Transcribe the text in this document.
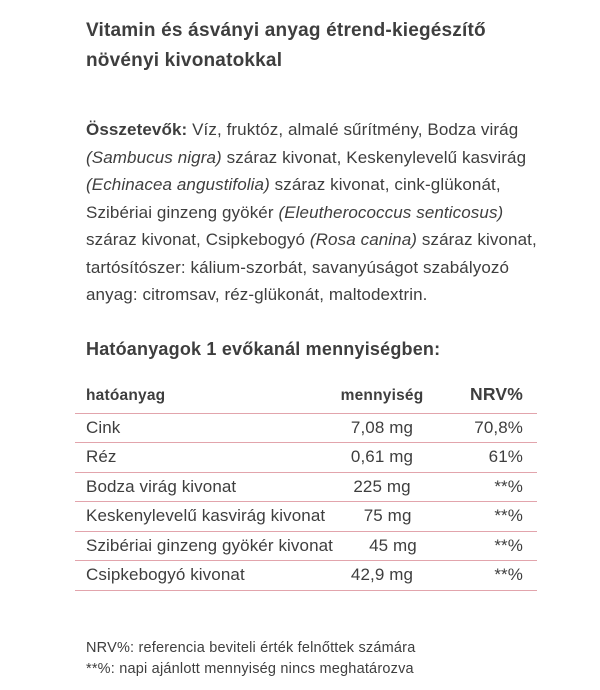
Vitamin és ásványi anyag étrend-kiegészítő növényi kivonatokkal

Összetevők: Víz, fruktóz, almalé sűrítmény, Bodza virág
(Sambucus nigra) száraz kivonat, Keskenylevelű kasvirág
(Echinacea angustifolia) száraz kivonat, cink-glükonát,
Szibériai ginzeng gyökér (Eleutherococcus senticosus)
száraz kivonat, Csipkebogyó (Rosa canina) száraz kivonat,
tartósítószer: kálium-szorbát, savanyúságot szabályozó
anyag: citromsav, réz-glükonát, maltodextrin.

Hatóanyagok 1 evőkanál mennyiségben:
hatóanyag	mennyiség	NRV%
Cink	7,08 mg	70,8%
Réz	0,61 mg	61%
Bodza virág kivonat	225 mg	**%
Keskenylevelű kasvirág kivonat	75 mg	**%
Szibériai ginzeng gyökér kivonat	45 mg	**%
Csipkebogyó kivonat	42,9 mg	**%
NRV%: referencia beviteli érték felnőttek számára
**%: napi ajánlott mennyiség nincs meghatározva
